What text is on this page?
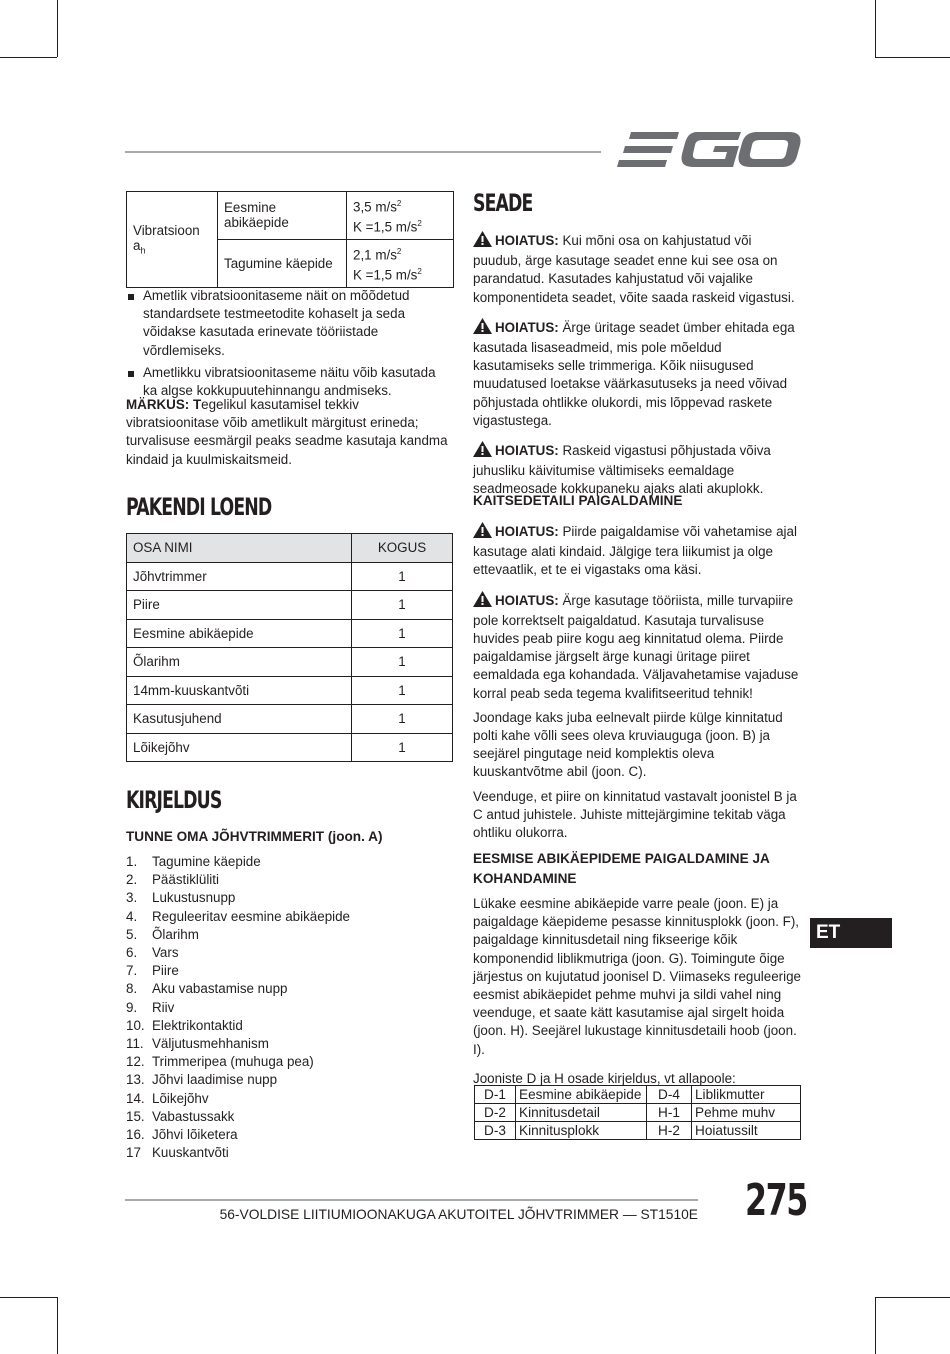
Vibratsioon $a_h$	Eesmine abikäepide	3,5 $m/s^2$
K =1,5 $m/s^2$
	Tagumine käepide	2,1 $m/s^2$
K =1,5 $m/s^2$
Ametlik vibratsioonitaseme näit on mõõdetud standardsete testmeetodite kohaselt ja seda võidakse kasutada erinevate tööriistade võrdlemiseks.
Ametlikku vibratsioonitaseme näitu võib kasutada ka algse kokkupuutehinnangu andmiseks.

MÄRKUS: Tegelikul kasutamisel tekkiv vibratsioonitase võib ametlikult märgitust erineda; turvalisuse eesmärgil peaks seadme kasutaja kandma kindaid ja kuulmiskaitsmeid.

PAKENDI LOEND
OSA NIMI	KOGUS
Jõhvtrimmer	1
Piire	1
Eesmine abikäepide	1
Õlarihm	1
14mm-kuuskantvõti	1
Kasutusjuhend	1
Lõikejõhv	1
KIRJELDUS

TUNNE OMA JÕHVTRIMMERIT (joon. A)

1. Tagumine käepide
2. Päästiklüliti
3. Lukustusnupp
4. Reguleeritav eesmine abikäepide
5. Õlarihm
6. Vars
7. Piire
8. Aku vabastamise nupp
9. Riiv
10. Elektrikontaktid
11. Väljutusmehhanism
12. Trimmeripea (muhuga pea)
13. Jõhvi laadimise nupp
14. Lõikejõhv
15. Vabastussakk
16. Jõhvi lõiketera
17 Kuuskantvõti
SEADE

HOIATUS: Kui mõni osa on kahjustatud või puudub, ärge kasutage seadet enne kui see osa on parandatud. Kasutades kahjustatud või vajalike komponentideta seadet, võite saada raskeid vigastusi.

HOIATUS: Ärge üritage seadet ümber ehitada ega kasutada lisaseadmeid, mis pole mõeldud kasutamiseks selle trimmeriga. Kõik niisugused muudatused loetakse väärkasutuseks ja need võivad põhjustada ohtlikke olukordi, mis lõppevad raskete vigastustega.

HOIATUS: Raskeid vigastusi põhjustada võiva juhusliku käivitumise vältimiseks eemaldage seadmeosade kokkupaneku ajaks alati akuplokk.

KAITSEDETAILI PAIGALDAMINE

HOIATUS: Piirde paigaldamise või vahetamise ajal kasutage alati kindaid. Jälgige tera liikumist ja olge ettevaatlik, et te ei vigastaks oma käsi.

HOIATUS: Ärge kasutage tööriista, mille turvapiire pole korrektselt paigaldatud. Kasutaja turvalisuse huvides peab piire kogu aeg kinnitatud olema. Piirde paigaldamise järgselt ärge kunagi üritage piiret eemaldada ega kohandada. Väljavahetamise vajaduse korral peab seda tegema kvalifitseeritud tehnik!

Joondage kaks juba eelnevalt piirde külge kinnitatud polti kahe võlli sees oleva kruviauguga (joon. B) ja seejärel pingutage neid komplektis oleva kuuskantvõtme abil (joon. C).

Veenduge, et piire on kinnitatud vastavalt joonistel B ja C antud juhistele. Juhiste mittejärgimine tekitab väga ohtliku olukorra.

EESMISE ABIKÄEPIDEME PAIGALDAMINE JA KOHANDAMINE

Lükake eesmine abikäepide varre peale (joon. E) ja paigaldage käepideme pesasse kinnitusplokk (joon. F), paigaldage kinnitusdetail ning fikseerige kõik komponendid liblikmutriga (joon. G). Toimingute õige järjestus on kujutatud joonisel D. Viimaseks reguleerige eesmist abikäepidet pehme muhvi ja sildi vahel ning veenduge, et saate kätt kasutamise ajal sirgelt hoida (joon. H). Seejärel lukustage kinnitusdetaili hoob (joon. I).

Jooniste D ja H osade kirjeldus, vt allapoole:

D-1	Eesmine abikäepide	D-4	Liblikmutter
D-2	Kinnitusdetail	H-1	Pehme muhv
D-3	Kinnitusplokk	H-2	Hoiatussilt
ET
56-VOLDISE LIITIUMIOONAKUGA AKUTOITEL JÕHVTRIMMER — ST1510E 275
